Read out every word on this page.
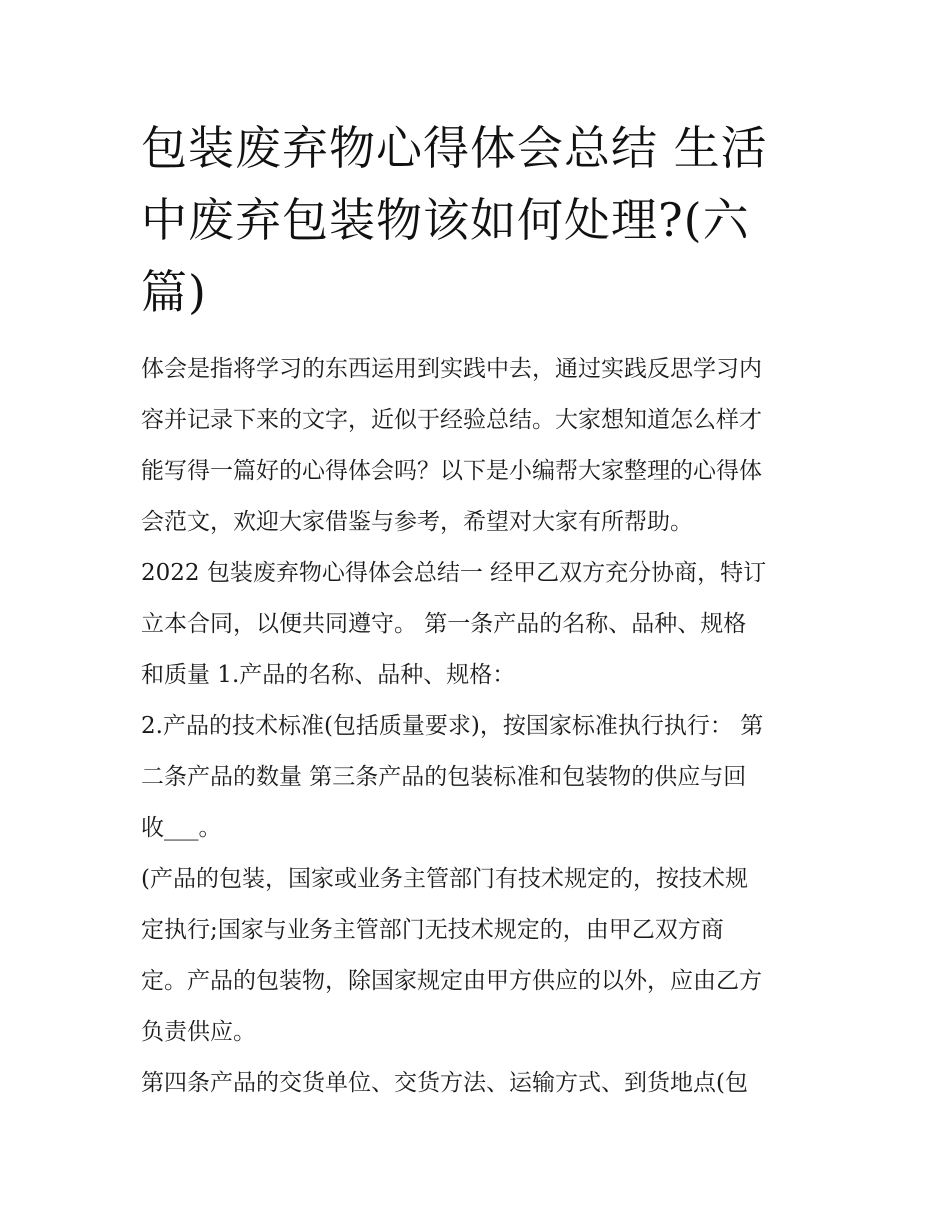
包装废弃物心得体会总结 生活
中废弃包装物该如何处理?(六
篇)

体会是指将学习的东西运用到实践中去，通过实践反思学习内
容并记录下来的文字，近似于经验总结。大家想知道怎么样才
能写得一篇好的心得体会吗？以下是小编帮大家整理的心得体
会范文，欢迎大家借鉴与参考，希望对大家有所帮助。

2022 包装废弃物心得体会总结一 经甲乙双方充分协商，特订
立本合同，以便共同遵守。 第一条产品的名称、品种、规格
和质量 1.产品的名称、品种、规格：

2.产品的技术标准(包括质量要求)，按国家标准执行执行： 第
二条产品的数量 第三条产品的包装标准和包装物的供应与回
收___。

(产品的包装，国家或业务主管部门有技术规定的，按技术规
定执行;国家与业务主管部门无技术规定的，由甲乙双方商
定。产品的包装物，除国家规定由甲方供应的以外，应由乙方
负责供应。

第四条产品的交货单位、交货方法、运输方式、到货地点(包
